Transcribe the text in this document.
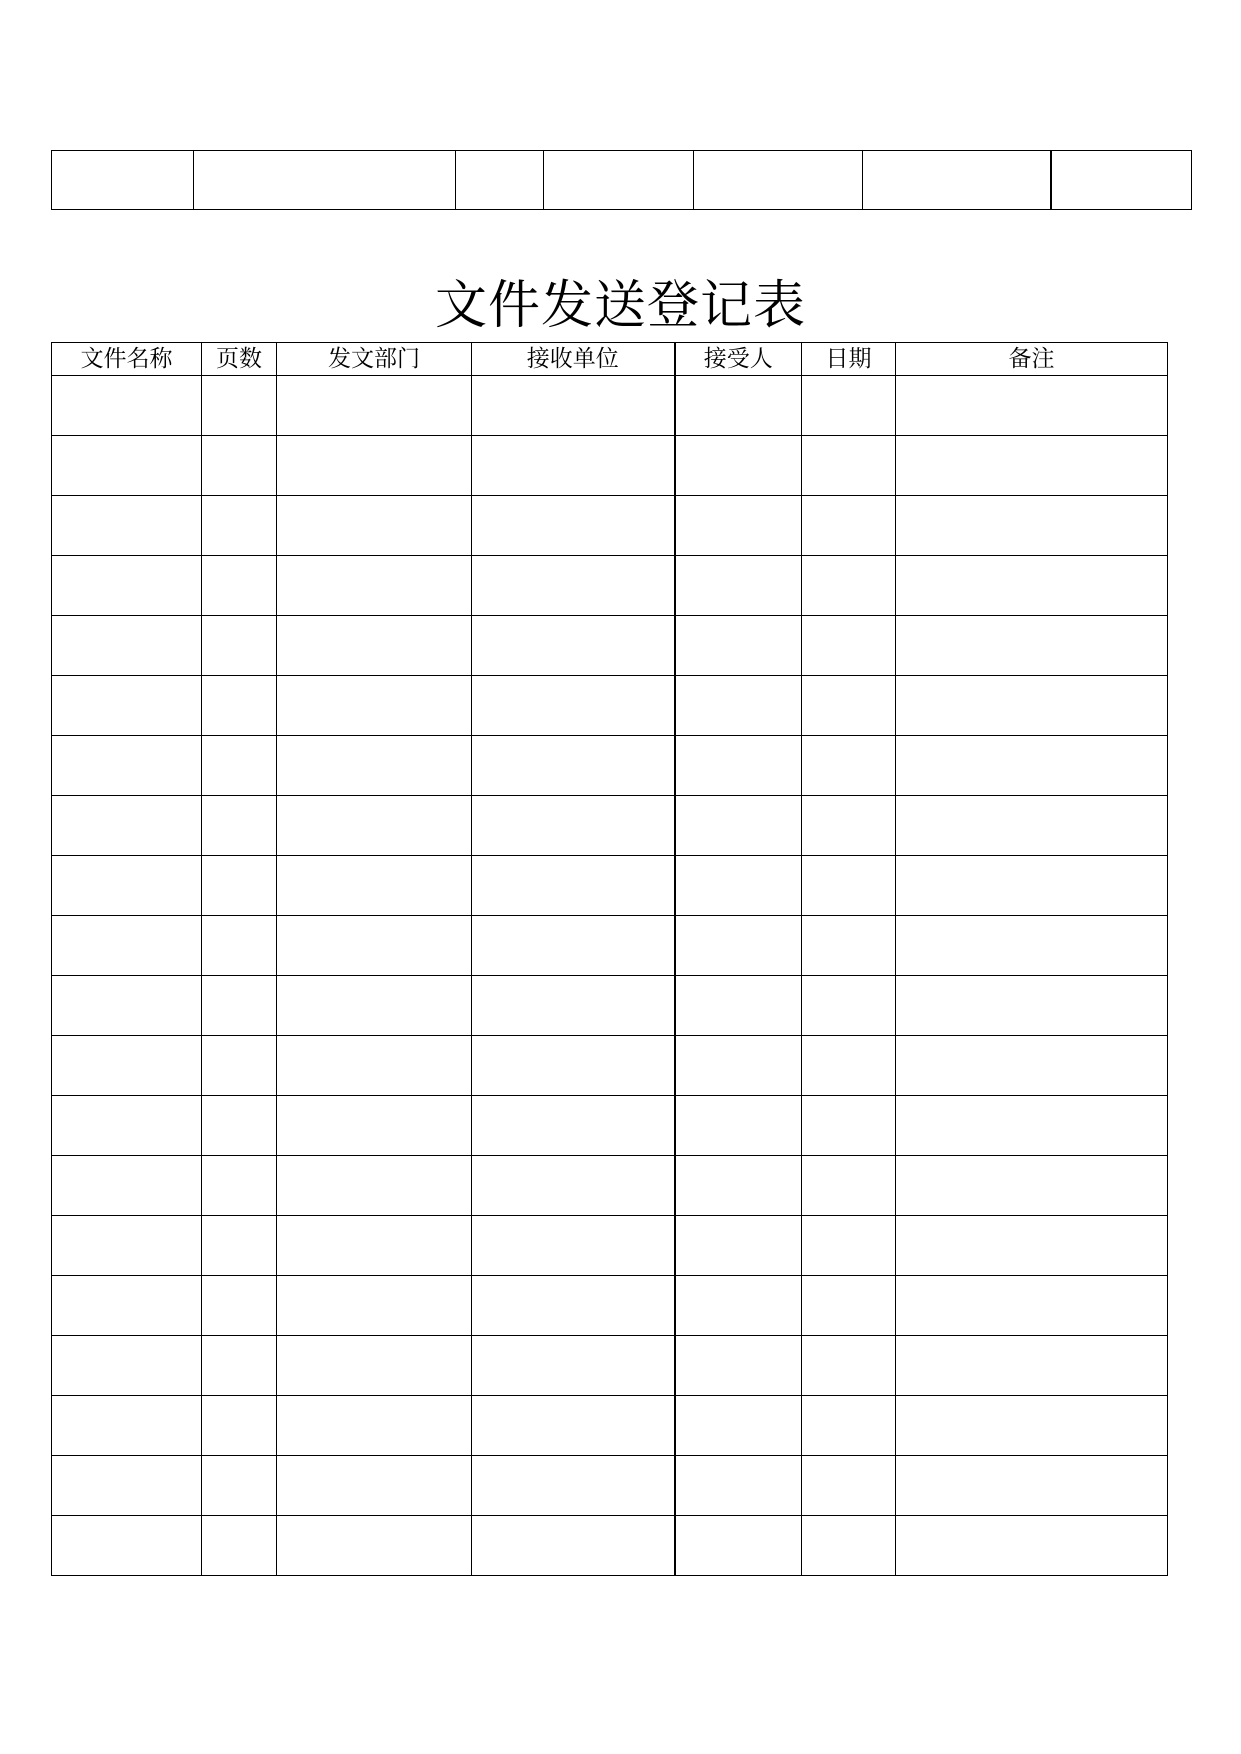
文件发送登记表
文件名称	页数	发文部门	接收单位	接受人	日期	备注
